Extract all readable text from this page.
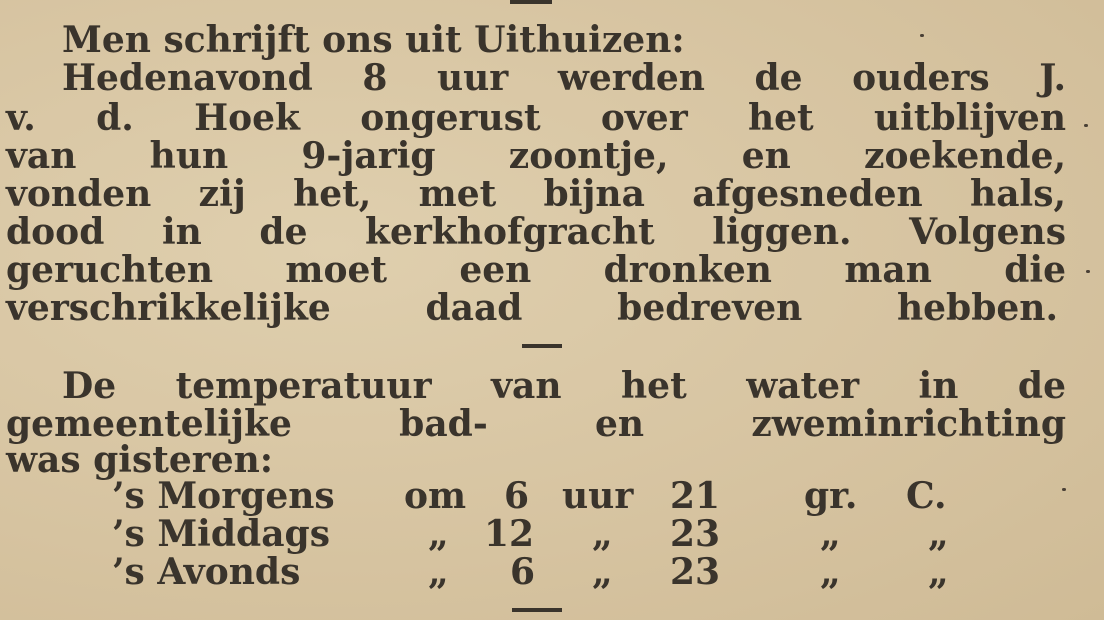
Men schrijft ons uit Uithuizen:
Hedenavond 8 uur werden de ouders J.
v. d. Hoek ongerust over het uitblijven
van hun 9-jarig zoontje, en zoekende,
vonden zij het, met bijna afgesneden hals,
dood in de kerkhofgracht liggen. Volgens
geruchten moet een dronken man die
verschrikkelijke daad bedreven hebben.
De temperatuur van het water in de
gemeentelijke bad- en zweminrichting
was gisteren:
’s Morgens om 6 uur 21 gr. C.
’s Middags	„ 12 „ 23	„ „
’s Avonds	„ 6 „ 23	„ „
